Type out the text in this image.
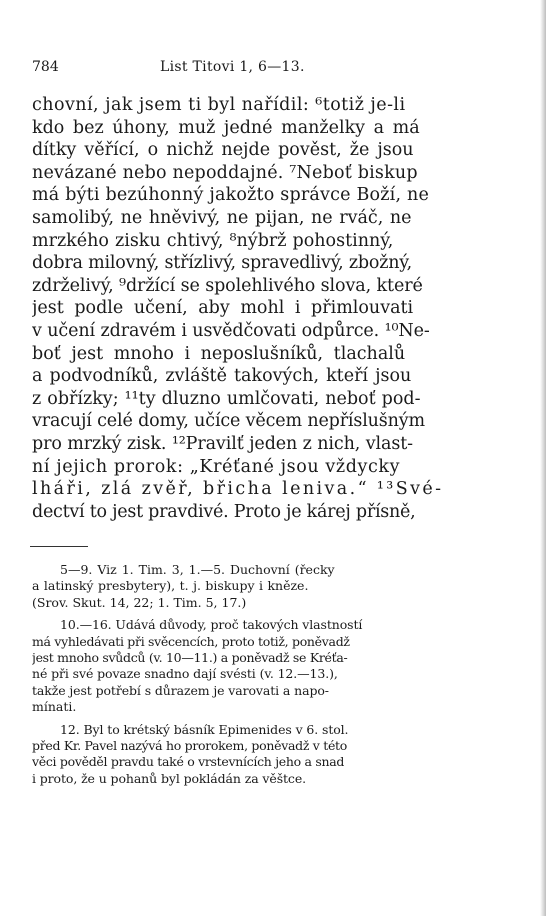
784	List Titovi 1, 6—13.
chovní, jak jsem ti byl nařídil: ⁶totiž je-li
kdo bez úhony, muž jedné manželky a má
dítky věřící, o nichž nejde pověst, že jsou
nevázané nebo nepoddajné. ⁷Neboť biskup
má býti bezúhonný jakožto správce Boží, ne
samolibý, ne hněvivý, ne pijan, ne rváč, ne
mrzkého zisku chtivý, ⁸nýbrž pohostinný,
dobra milovný, střízlivý, spravedlivý, zbožný,
zdrželivý, ⁹držící se spolehlivého slova, které
jest podle učení, aby mohl i přimlouvati
v učení zdravém i usvědčovati odpůrce. ¹⁰Ne-
boť jest mnoho i neposlušníků, tlachalů
a podvodníků, zvláště takových, kteří jsou
z obřízky; ¹¹ty dluzno umlčovati, neboť pod-
vracují celé domy, učíce věcem nepříslušným
pro mrzký zisk. ¹²Pravilť jeden z nich, vlast-
ní jejich prorok: „Kréťané jsou vždycky
lháři, zlá zvěř, břicha leniva.“ ¹³Své-
dectví to jest pravdivé. Proto je kárej přísně,
5—9. Viz 1. Tim. 3, 1.—5. Duchovní (řecky
a latinský presbytery), t. j. biskupy i kněze.
(Srov. Skut. 14, 22; 1. Tim. 5, 17.)
10.—16. Udává důvody, proč takových vlastností
má vyhledávati při svěcencích, proto totiž, poněvadž
jest mnoho svůdců (v. 10—11.) a poněvadž se Kréťa-
né při své povaze snadno dají svésti (v. 12.—13.),
takže jest potřebí s důrazem je varovati a napo-
mínati.
12. Byl to krétský básník Epimenides v 6. stol.
před Kr. Pavel nazývá ho prorokem, poněvadž v této
věci pověděl pravdu také o vrstevnících jeho a snad
i proto, že u pohanů byl pokládán za věštce.
